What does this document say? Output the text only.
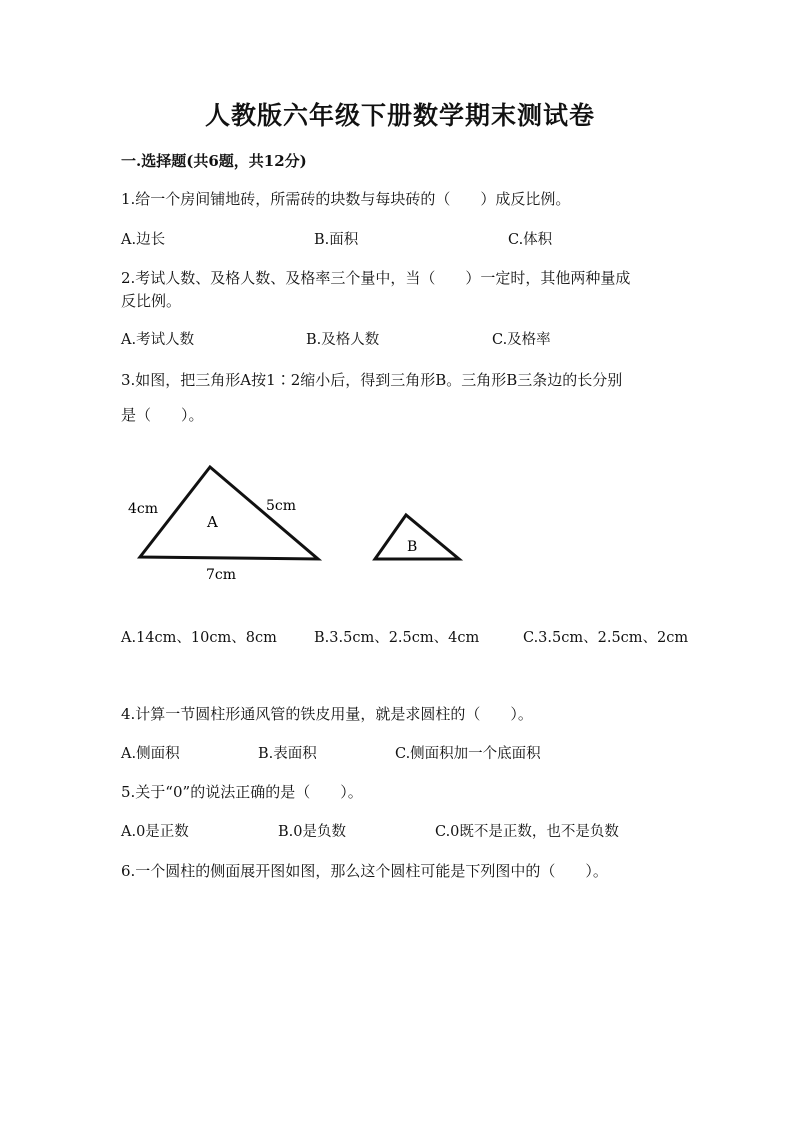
人教版六年级下册数学期末测试卷
一.选择题(共6题，共12分)
1.给一个房间铺地砖，所需砖的块数与每块砖的（　　）成反比例。
A.边长	B.面积	C.体积
2.考试人数、及格人数、及格率三个量中，当（　　）一定时，其他两种量成
反比例。
A.考试人数	B.及格人数	C.及格率
3.如图，把三角形A按1∶2缩小后，得到三角形B。三角形B三条边的长分别
是（　　）。
4cm	5cm
A
7cm
B
A.14cm、10cm、8cm	B.3.5cm、2.5cm、4cm	C.3.5cm、2.5cm、2cm
4.计算一节圆柱形通风管的铁皮用量，就是求圆柱的（　　）。
A.侧面积	B.表面积	C.侧面积加一个底面积
5.关于“0”的说法正确的是（　　）。
A.0是正数	B.0是负数	C.0既不是正数，也不是负数
6.一个圆柱的侧面展开图如图，那么这个圆柱可能是下列图中的（　　）。
